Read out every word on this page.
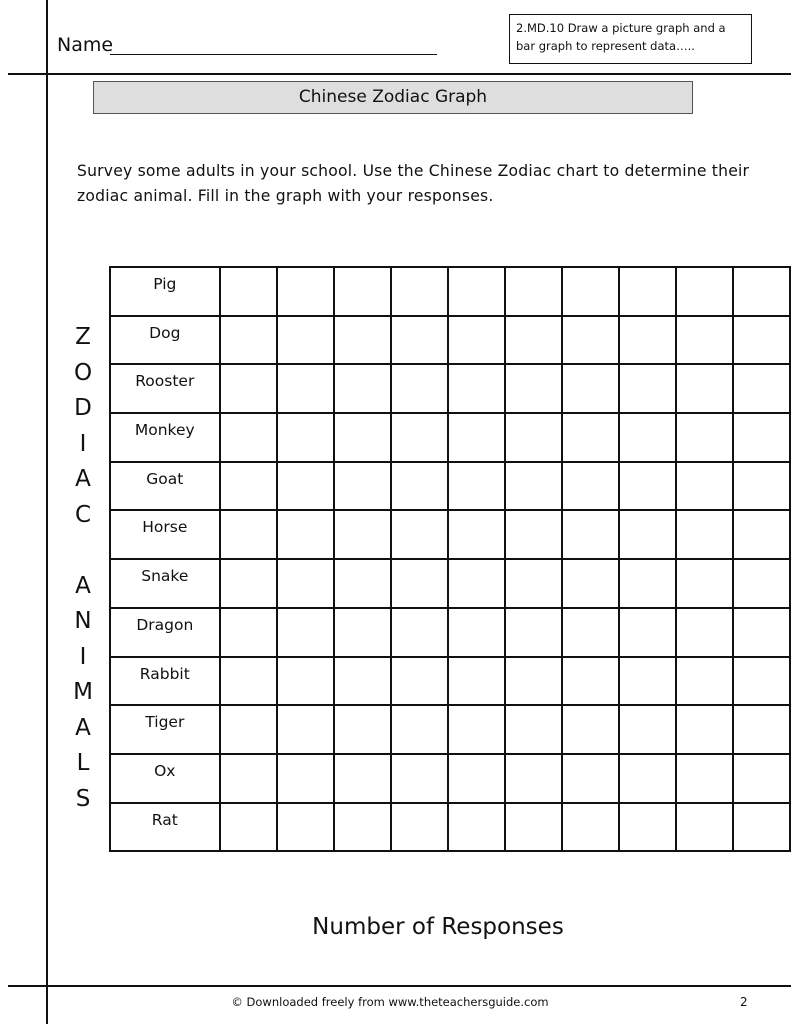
Name
2.MD.10 Draw a picture graph and a bar graph to represent data…..
Chinese Zodiac Graph
Survey some adults in your school. Use the Chinese Zodiac chart to determine their zodiac animal. Fill in the graph with your responses.
Z
O
D
I
A
C

A
N
I
M
A
L
S
Pig										
Dog										
Rooster										
Monkey										
Goat										
Horse										
Snake										
Dragon										
Rabbit										
Tiger										
Ox										
Rat										
Number of Responses
© Downloaded freely from www.theteachersguide.com	2
